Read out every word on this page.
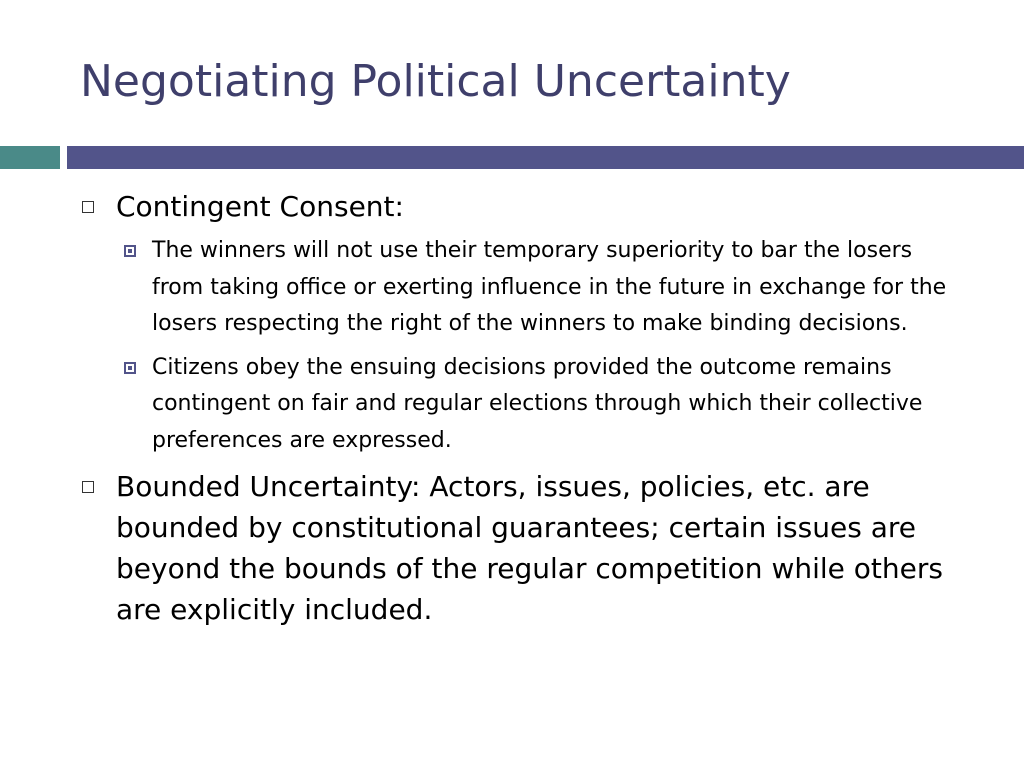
Negotiating Political Uncertainty
Contingent Consent:
The winners will not use their temporary superiority to bar the losers from taking office or exerting influence in the future in exchange for the losers respecting the right of the winners to make binding decisions.
Citizens obey the ensuing decisions provided the outcome remains contingent on fair and regular elections through which their collective preferences are expressed.
Bounded Uncertainty: Actors, issues, policies, etc. are bounded by constitutional guarantees; certain issues are beyond the bounds of the regular competition while others are explicitly included.
